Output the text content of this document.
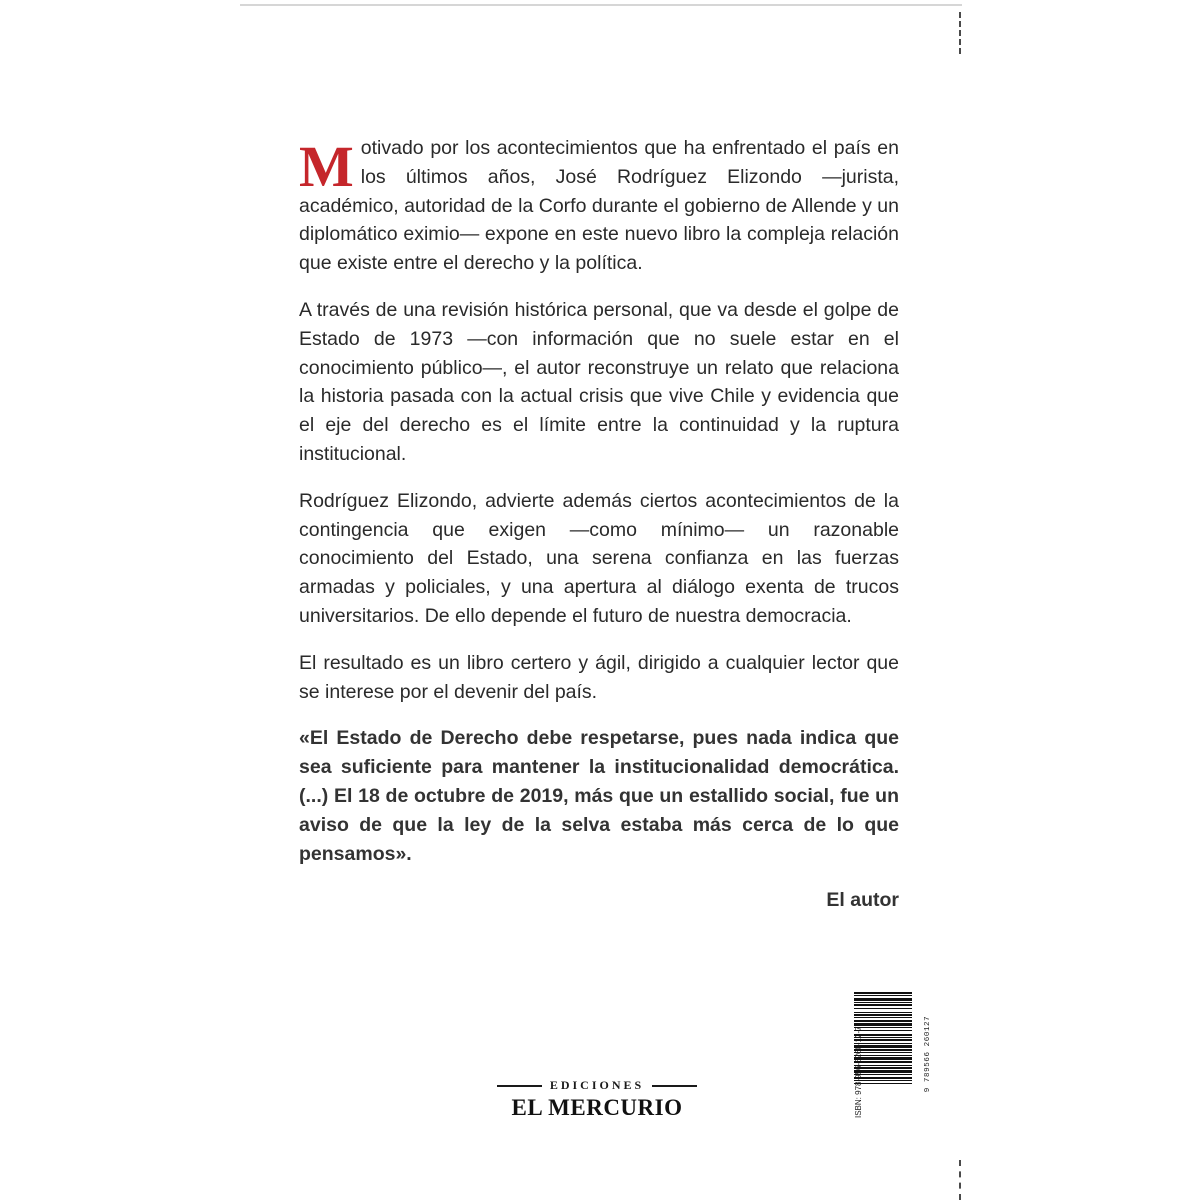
Motivado por los acontecimientos que ha enfrentado el país en los últimos años, José Rodríguez Elizondo —jurista, académico, autoridad de la Corfo durante el gobierno de Allende y un diplomático eximio— expone en este nuevo libro la compleja relación que existe entre el derecho y la política.

A través de una revisión histórica personal, que va desde el golpe de Estado de 1973 —con información que no suele estar en el conocimiento público—, el autor reconstruye un relato que relaciona la historia pasada con la actual crisis que vive Chile y evidencia que el eje del derecho es el límite entre la continuidad y la ruptura institucional.

Rodríguez Elizondo, advierte además ciertos acontecimientos de la contingencia que exigen —como mínimo— un razonable conocimiento del Estado, una serena confianza en las fuerzas armadas y policiales, y una apertura al diálogo exenta de trucos universitarios. De ello depende el futuro de nuestra democracia.

El resultado es un libro certero y ágil, dirigido a cualquier lector que se interese por el devenir del país.

«El Estado de Derecho debe respetarse, pues nada indica que sea suficiente para mantener la institucionalidad democrática. (...) El 18 de octubre de 2019, más que un estallido social, fue un aviso de que la ley de la selva estaba más cerca de lo que pensamos».

El autor

EDICIONES
EL MERCURIO
9 789566 260127
